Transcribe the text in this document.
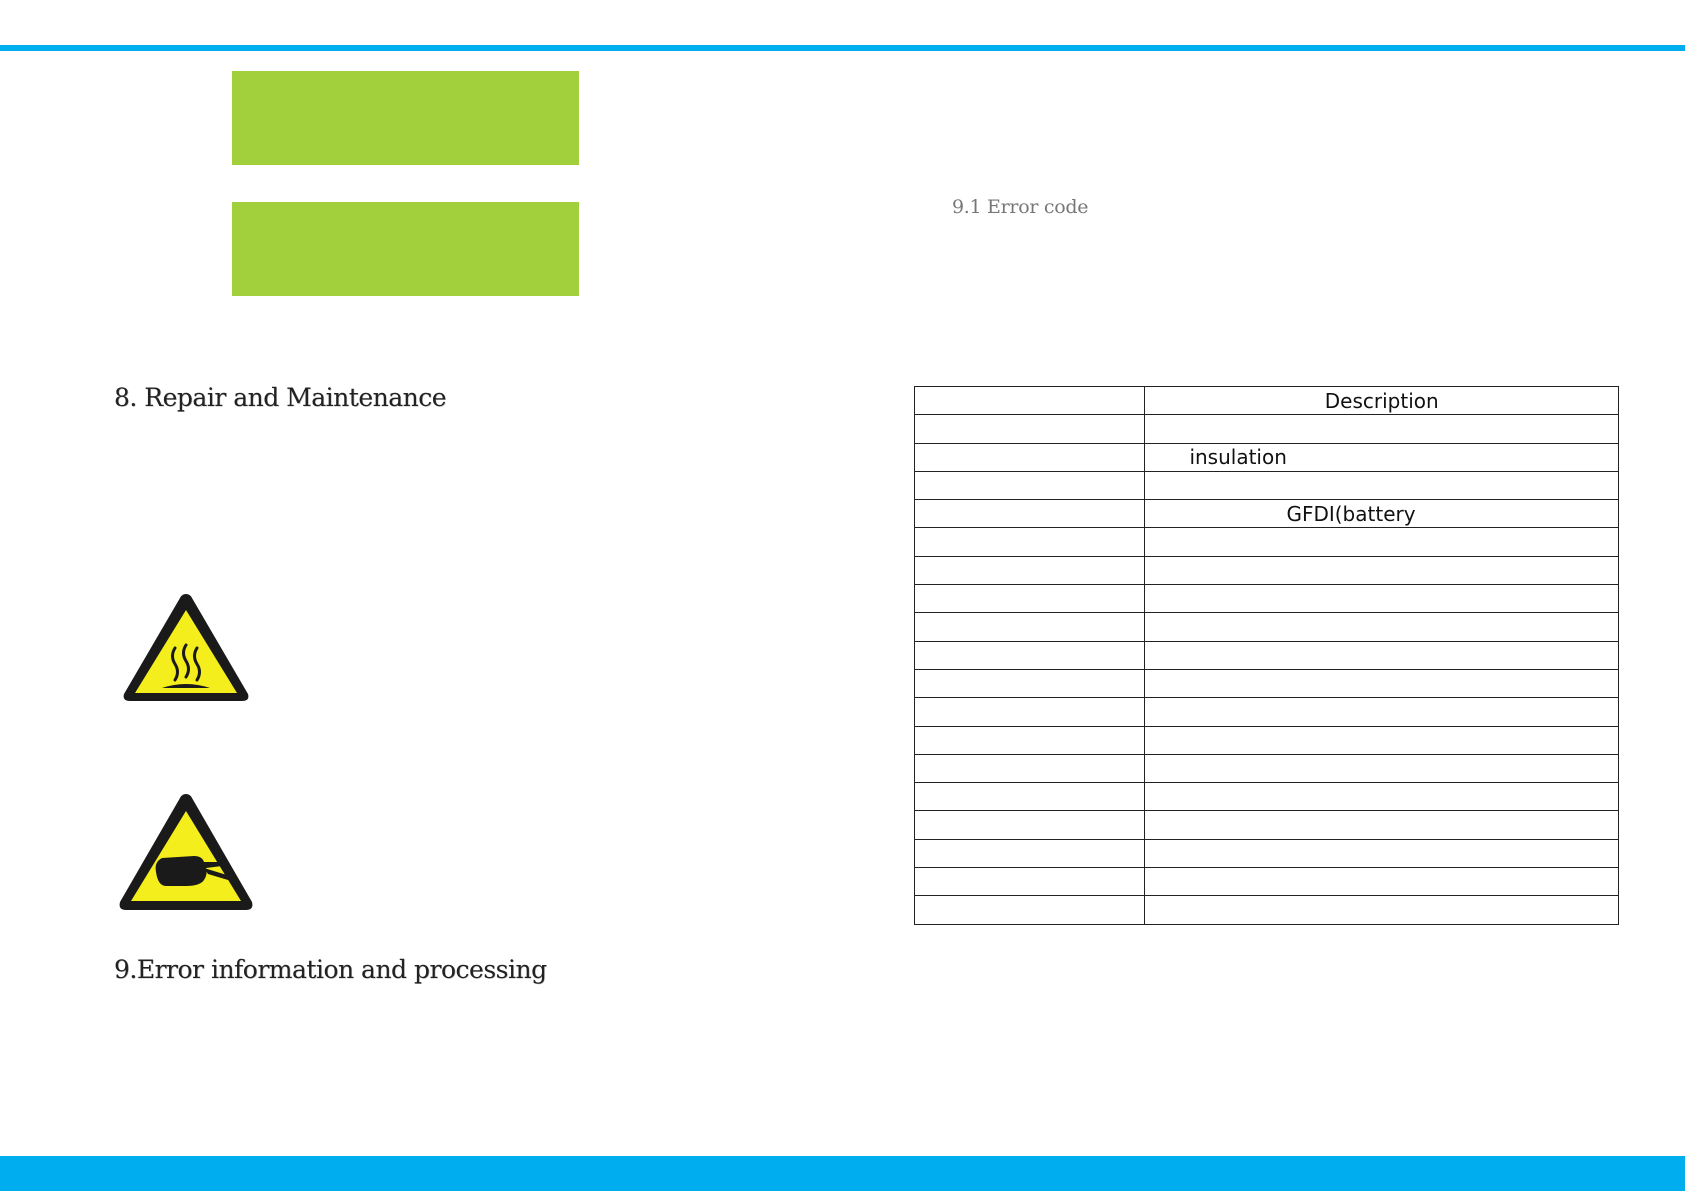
8. Repair and Maintenance
9.Error information and processing
9.1 Error code
	Description

	insulation

	GFDI(battery
